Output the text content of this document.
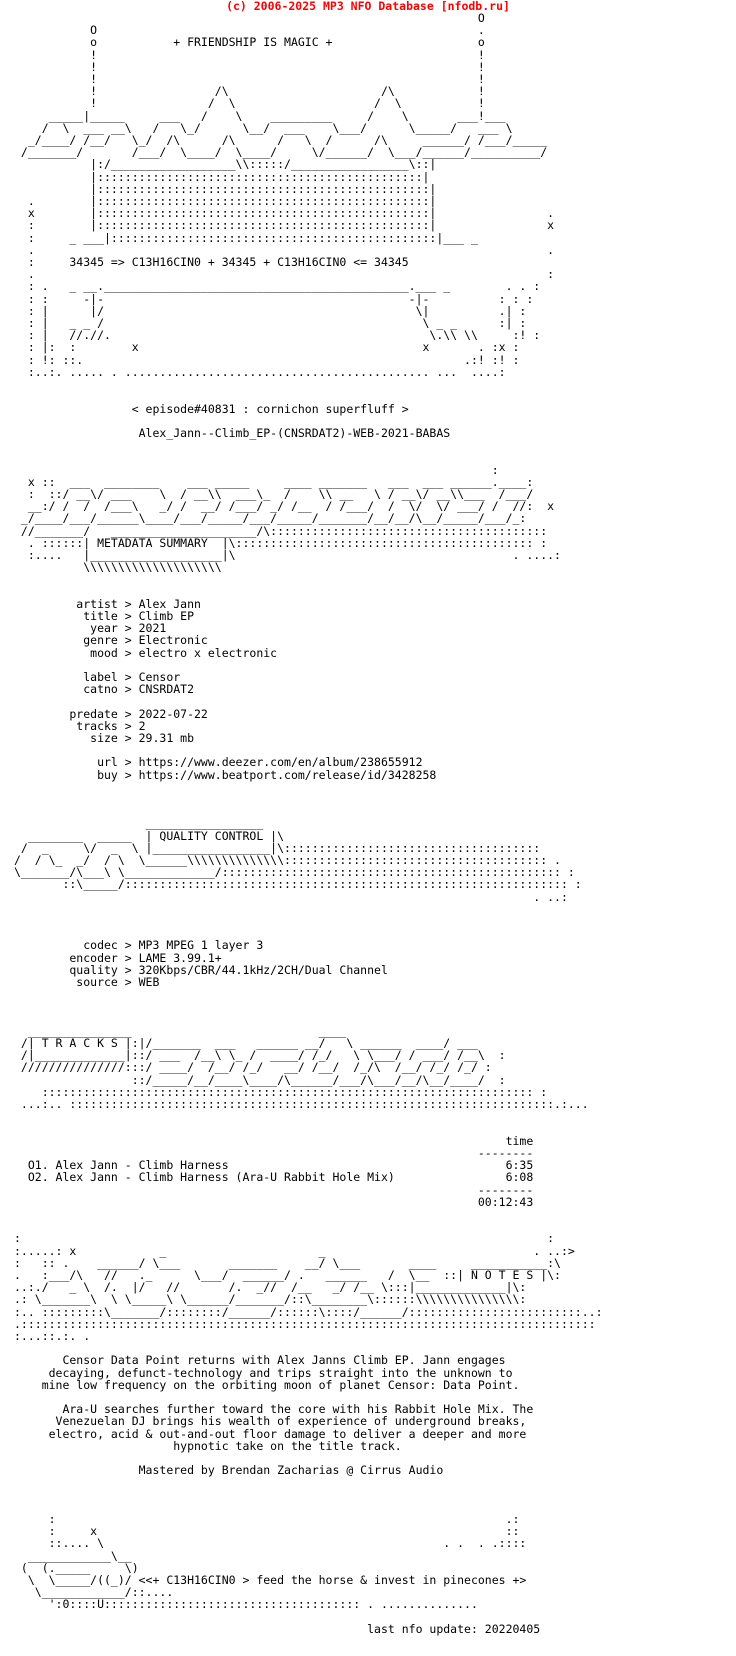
(c) 2006-2025 MP3 NFO Database [nfodb.ru]
O
O                                                       .
o           + FRIENDSHIP IS MAGIC +                     o
!                                                       !
!                                                       !
!                                                       !
!                 /\                      /\            !
!                /  \                    /  \           !
_____|_____     ___   /    \    _________     /    \       ___!___
/  \  ___ __\   /   \_/      \__/  ___    \___/      \_____/   ___ \
_/____/ /__/   \_/  /\      /\      /   \  /      /\     ______/ /___/_____
/_______/       /___/  \____/  \____/     \/______/  \___/______/__________/
|:/__________________\\:::::/_________________\::|
|:::::::::::::::::::::::::::::::::::::::::::::::|
|::::::::::::::::::::::::::::::::::::::::::::::::|
.        |::::::::::::::::::::::::::::::::::::::::::::::::|
x        |::::::::::::::::::::::::::::::::::::::::::::::::|                .
:        |::::::::::::::::::::::::::::::::::::::::::::::::|                x
:     _ ___|:::::::::::::::::::::::::::::::::::::::::::::::|___ _
.                                                                          .
:     34345 => C13H16CIN0 + 34345 + C13H16CIN0 <= 34345
.                                                                          :
: .   _ __.____________________________________________.___ _        . . :
: :     -|-                                            -|-          : : :
: |      |/                                             \|          .| :
: |   _ _ /                                              \ _ _      :| :
: |   //.//.                                              \.\\ \\     :! :
: |:  :        x                                         x       . :x :
: !: ::.                                                       .:! :! :
:..:. ..... . ............................................ ...  ....:

< episode#40831 : cornichon superfluff >

Alex_Jann--Climb_EP-(CNSRDAT2)-WEB-2021-BABAS

:
x ::  ___  ________    ___ _____     ____ _______   ___  ___ ______.____:
:  ::/ __\/ ___    \  / __\\  ___\_  /    \\ __   \ / __\/ __\\___  /___/
__:/ /  /  /___\   _/ /  __/ /___/ _/ /__  / /___/  /  \/  \/ ___/ /  //:  x
_/____/___/______\____/___/_____/___/_____/_______/__/__/\__/_____/___/_:
//_______/   _____________________/\::::::::::::::::::::::::::::::::::::::::
. ::::::| METADATA SUMMARY  |\::::::::::::::::::::::::::::::::::::::::::: :
:....   |___________________|\                                        . ....:
\\\\\\\\\\\\\\\\\\\\

artist > Alex Jann
title > Climb EP
year > 2021
genre > Electronic
mood > electro x electronic

label > Censor
catno > CNSRDAT2

predate > 2022-07-22
tracks > 2
size > 29.31 mb

url > https://www.deezer.com/en/album/238655912
buy > https://www.beatport.com/release/id/3428258

_________________
________  _____  | QUALITY CONTROL |\
/  _     \/  _  \ |_________________|\:::::::::::::::::::::::::::::::::::::
/  / \_  _/  / \  \______\\\\\\\\\\\\\\:::::::::::::::::::::::::::::::::::::: .
\_______/\___\ \_____________/::::::::::::::::::::::::::::::::::::::::::::::::: :
::\_____/:::::::::::::::::::::::::::::::::::::::::::::::::::::::::::::::: :
. ..:

codec > MP3 MPEG 1 layer 3
encoder > LAME 3.99.1+
quality > 320Kbps/CBR/44.1kHz/2CH/Dual Channel
source > WEB

_______________                           ____
/| T R A C K S |:|/_______  ___   ______ __/   \ ______  ____/ ___
/|_____________|::/ ___  /__\ \_ /  ____/ /_/   \ \___/ / ___/ /__\  :
///////////////:::/ ____/  /__/ /_/   __/ /__/  /_/\  /__/ /_/ /_/ :
::/_____/__/____\____/\______/___/\___/__/\__/____/  :
::::::::::::::::::::::::::::::::::::::::::::::::::::::::::::::::::::::: :
...:.. ::::::::::::::::::::::::::::::::::::::::::::::::::::::::::::::::::::::.:...

time
--------
O1. Alex Jann - Climb Harness                                        6:35
O2. Alex Jann - Climb Harness (Ara-U Rabbit Hole Mix)                6:08
--------
00:12:43

:                                                                            :
:.....: x            _                      _                              . ..:>
:   :: .    ______/ \___       _______    __/ \___       ____     ___________:\
.   :___/\   //   ._      \___/  ______/ .   ______   /  \__  ::| N O T E S |\:
..:./   _ \  /.  |/   //       /.  _//  /__   _/ /__ \:::|_____________|\:
.: \_______\  \ \_____\ \______/_______/::\________\::::::\\\\\\\\\\\\\\\:
:.. :::::::::\_______/::::::::/______/::::::\::::/______/:::::::::::::::::::::::::..:
.:::::::::::::::::::::::::::::::::::::::::::::::::::::::::::::::::::::::::::::::::::
:...::.:. .

Censor Data Point returns with Alex Janns Climb EP. Jann engages
decaying, defunct-technology and trips straight into the unknown to
mine low frequency on the orbiting moon of planet Censor: Data Point.

Ara-U searches further toward the core with his Rabbit Hole Mix. The
Venezuelan DJ brings his wealth of experience of underground breaks,
electro, acid & out-and-out floor damage to deliver a deeper and more
hypnotic take on the title track.

Mastered by Brendan Zacharias @ Cirrus Audio

:                                                                 .:
:     x                                                           ::
::.... \                                                 . .  . .::::
____________\__
(  (._____     \)
\  \_____/((_)/ <<+ C13H16CIN0 > feed the horse & invest in pinecones +>
\____________/::....
':0::::U::::::::::::::::::::::::::::::::::::: . ..............

last nfo update: 20220405
